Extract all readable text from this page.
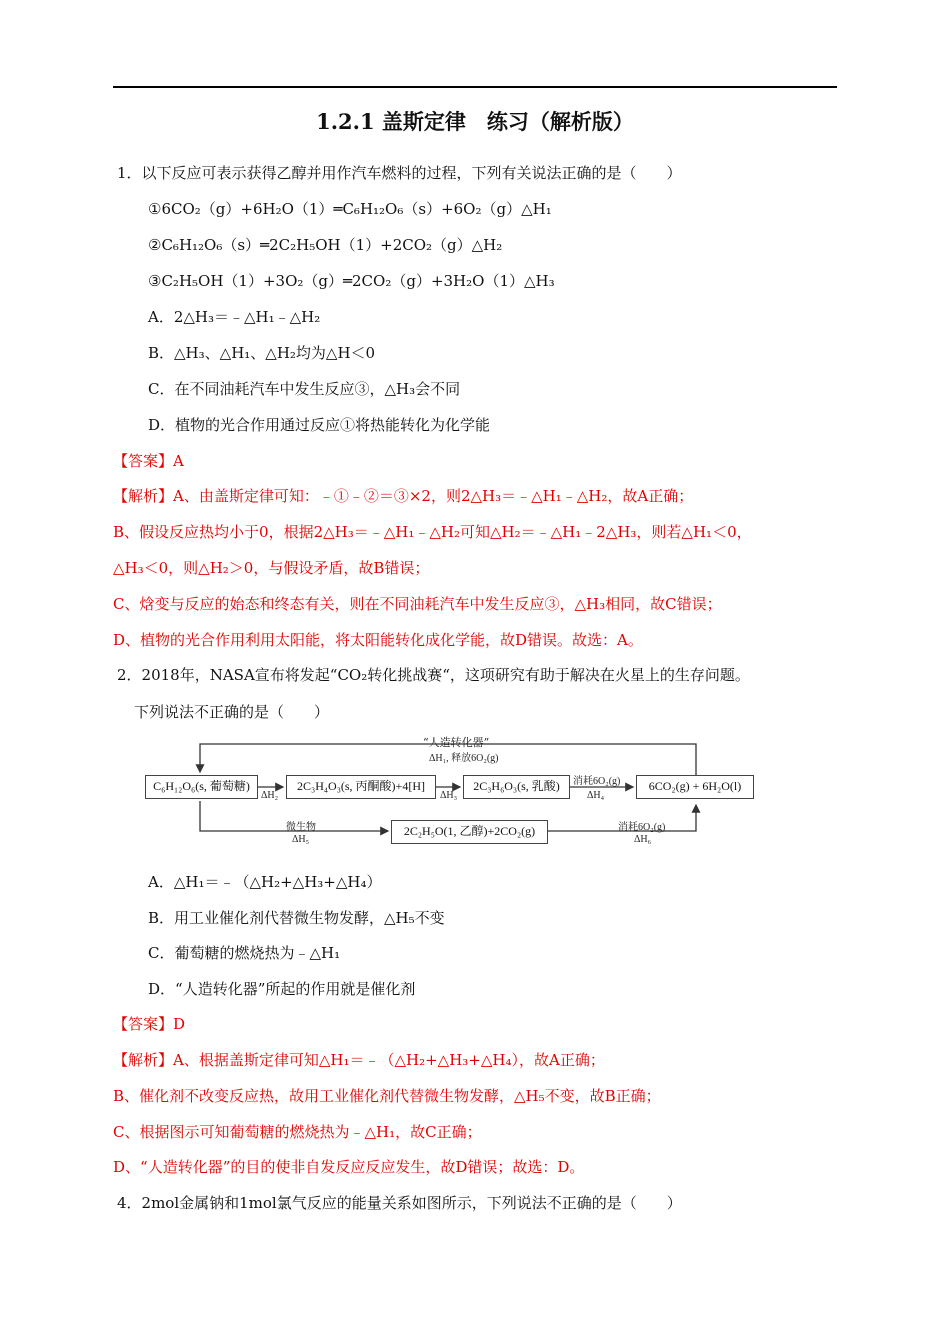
1.2.1 盖斯定律　练习（解析版）
1．以下反应可表示获得乙醇并用作汽车燃料的过程，下列有关说法正确的是（　　）
①6CO₂（g）+6H₂O（1）═C₆H₁₂O₆（s）+6O₂（g）△H₁
②C₆H₁₂O₆（s）═2C₂H₅OH（1）+2CO₂（g）△H₂
③C₂H₅OH（1）+3O₂（g）═2CO₂（g）+3H₂O（1）△H₃
A．2△H₃＝﹣△H₁﹣△H₂
B．△H₃、△H₁、△H₂均为△H＜0
C．在不同油耗汽车中发生反应③，△H₃会不同
D．植物的光合作用通过反应①将热能转化为化学能
【答案】A
【解析】A、由盖斯定律可知：﹣①﹣②＝③×2，则2△H₃＝﹣△H₁﹣△H₂，故A正确；
B、假设反应热均小于0，根据2△H₃＝﹣△H₁﹣△H₂可知△H₂＝﹣△H₁﹣2△H₃，则若△H₁＜0，
△H₃＜0，则△H₂＞0，与假设矛盾，故B错误；
C、焓变与反应的始态和终态有关，则在不同油耗汽车中发生反应③，△H₃相同，故C错误；
D、植物的光合作用利用太阳能，将太阳能转化成化学能，故D错误。故选：A。
2．2018年，NASA宣布将发起“CO₂转化挑战赛“，这项研究有助于解决在火星上的生存问题。
下列说法不正确的是（　　）
C₆H₁₂O₆(s, 葡萄糖)	2C₃H₄O₃(s, 丙酮酸)+4[H]	2C₃H₆O₃(s, 乳酸)	6CO₂(g) + 6H₂O(l)
2C₂H₅O(1, 乙醇)+2CO₂(g)
“人造转化器”
ΔH₁, 释放6O₂(g)
ΔH₂	ΔH₃
消耗6O₂(g)
ΔH₄
微生物
ΔH₅
消耗6O₂(g)
ΔH₆
A．△H₁＝﹣（△H₂+△H₃+△H₄）
B．用工业催化剂代替微生物发酵，△H₅不变
C．葡萄糖的燃烧热为﹣△H₁
D．“人造转化器”所起的作用就是催化剂
【答案】D
【解析】A、根据盖斯定律可知△H₁＝﹣（△H₂+△H₃+△H₄），故A正确；
B、催化剂不改变反应热，故用工业催化剂代替微生物发酵，△H₅不变，故B正确；
C、根据图示可知葡萄糖的燃烧热为﹣△H₁，故C正确；
D、“人造转化器”的目的使非自发反应反应发生，故D错误；故选：D。
4．2mol金属钠和1mol氯气反应的能量关系如图所示，下列说法不正确的是（　　）
